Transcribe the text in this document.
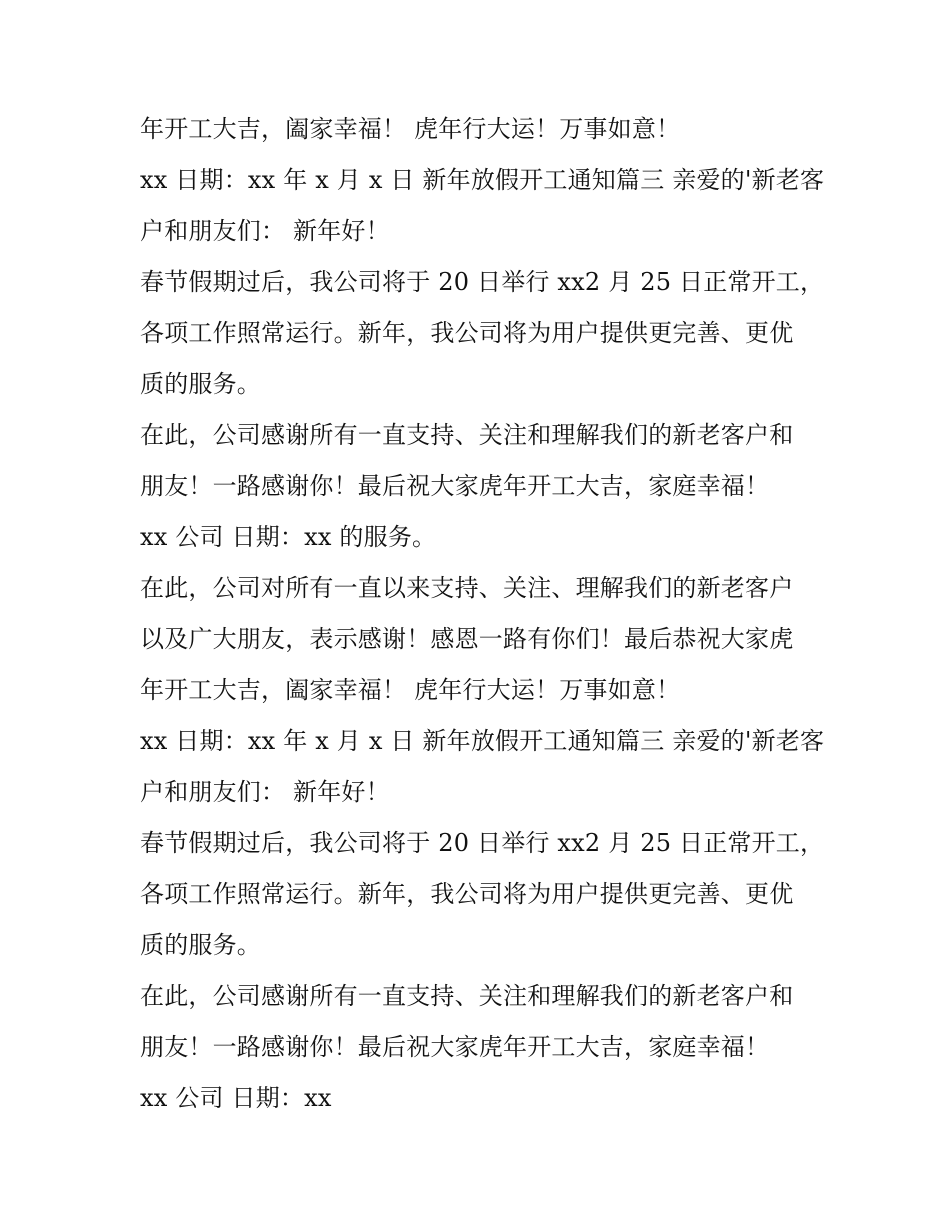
年开工大吉，阖家幸福！ 虎年行大运！万事如意！
xx 日期：xx 年 x 月 x 日 新年放假开工通知篇三 亲爱的'新老客
户和朋友们： 新年好！
春节假期过后，我公司将于 20 日举行 xx2 月 25 日正常开工，
各项工作照常运行。新年，我公司将为用户提供更完善、更优
质的服务。
在此，公司感谢所有一直支持、关注和理解我们的新老客户和
朋友！一路感谢你！最后祝大家虎年开工大吉，家庭幸福！
xx 公司 日期：xx 的服务。
在此，公司对所有一直以来支持、关注、理解我们的新老客户
以及广大朋友，表示感谢！感恩一路有你们！最后恭祝大家虎
年开工大吉，阖家幸福！ 虎年行大运！万事如意！
xx 日期：xx 年 x 月 x 日 新年放假开工通知篇三 亲爱的'新老客
户和朋友们： 新年好！
春节假期过后，我公司将于 20 日举行 xx2 月 25 日正常开工，
各项工作照常运行。新年，我公司将为用户提供更完善、更优
质的服务。
在此，公司感谢所有一直支持、关注和理解我们的新老客户和
朋友！一路感谢你！最后祝大家虎年开工大吉，家庭幸福！
xx 公司 日期：xx
